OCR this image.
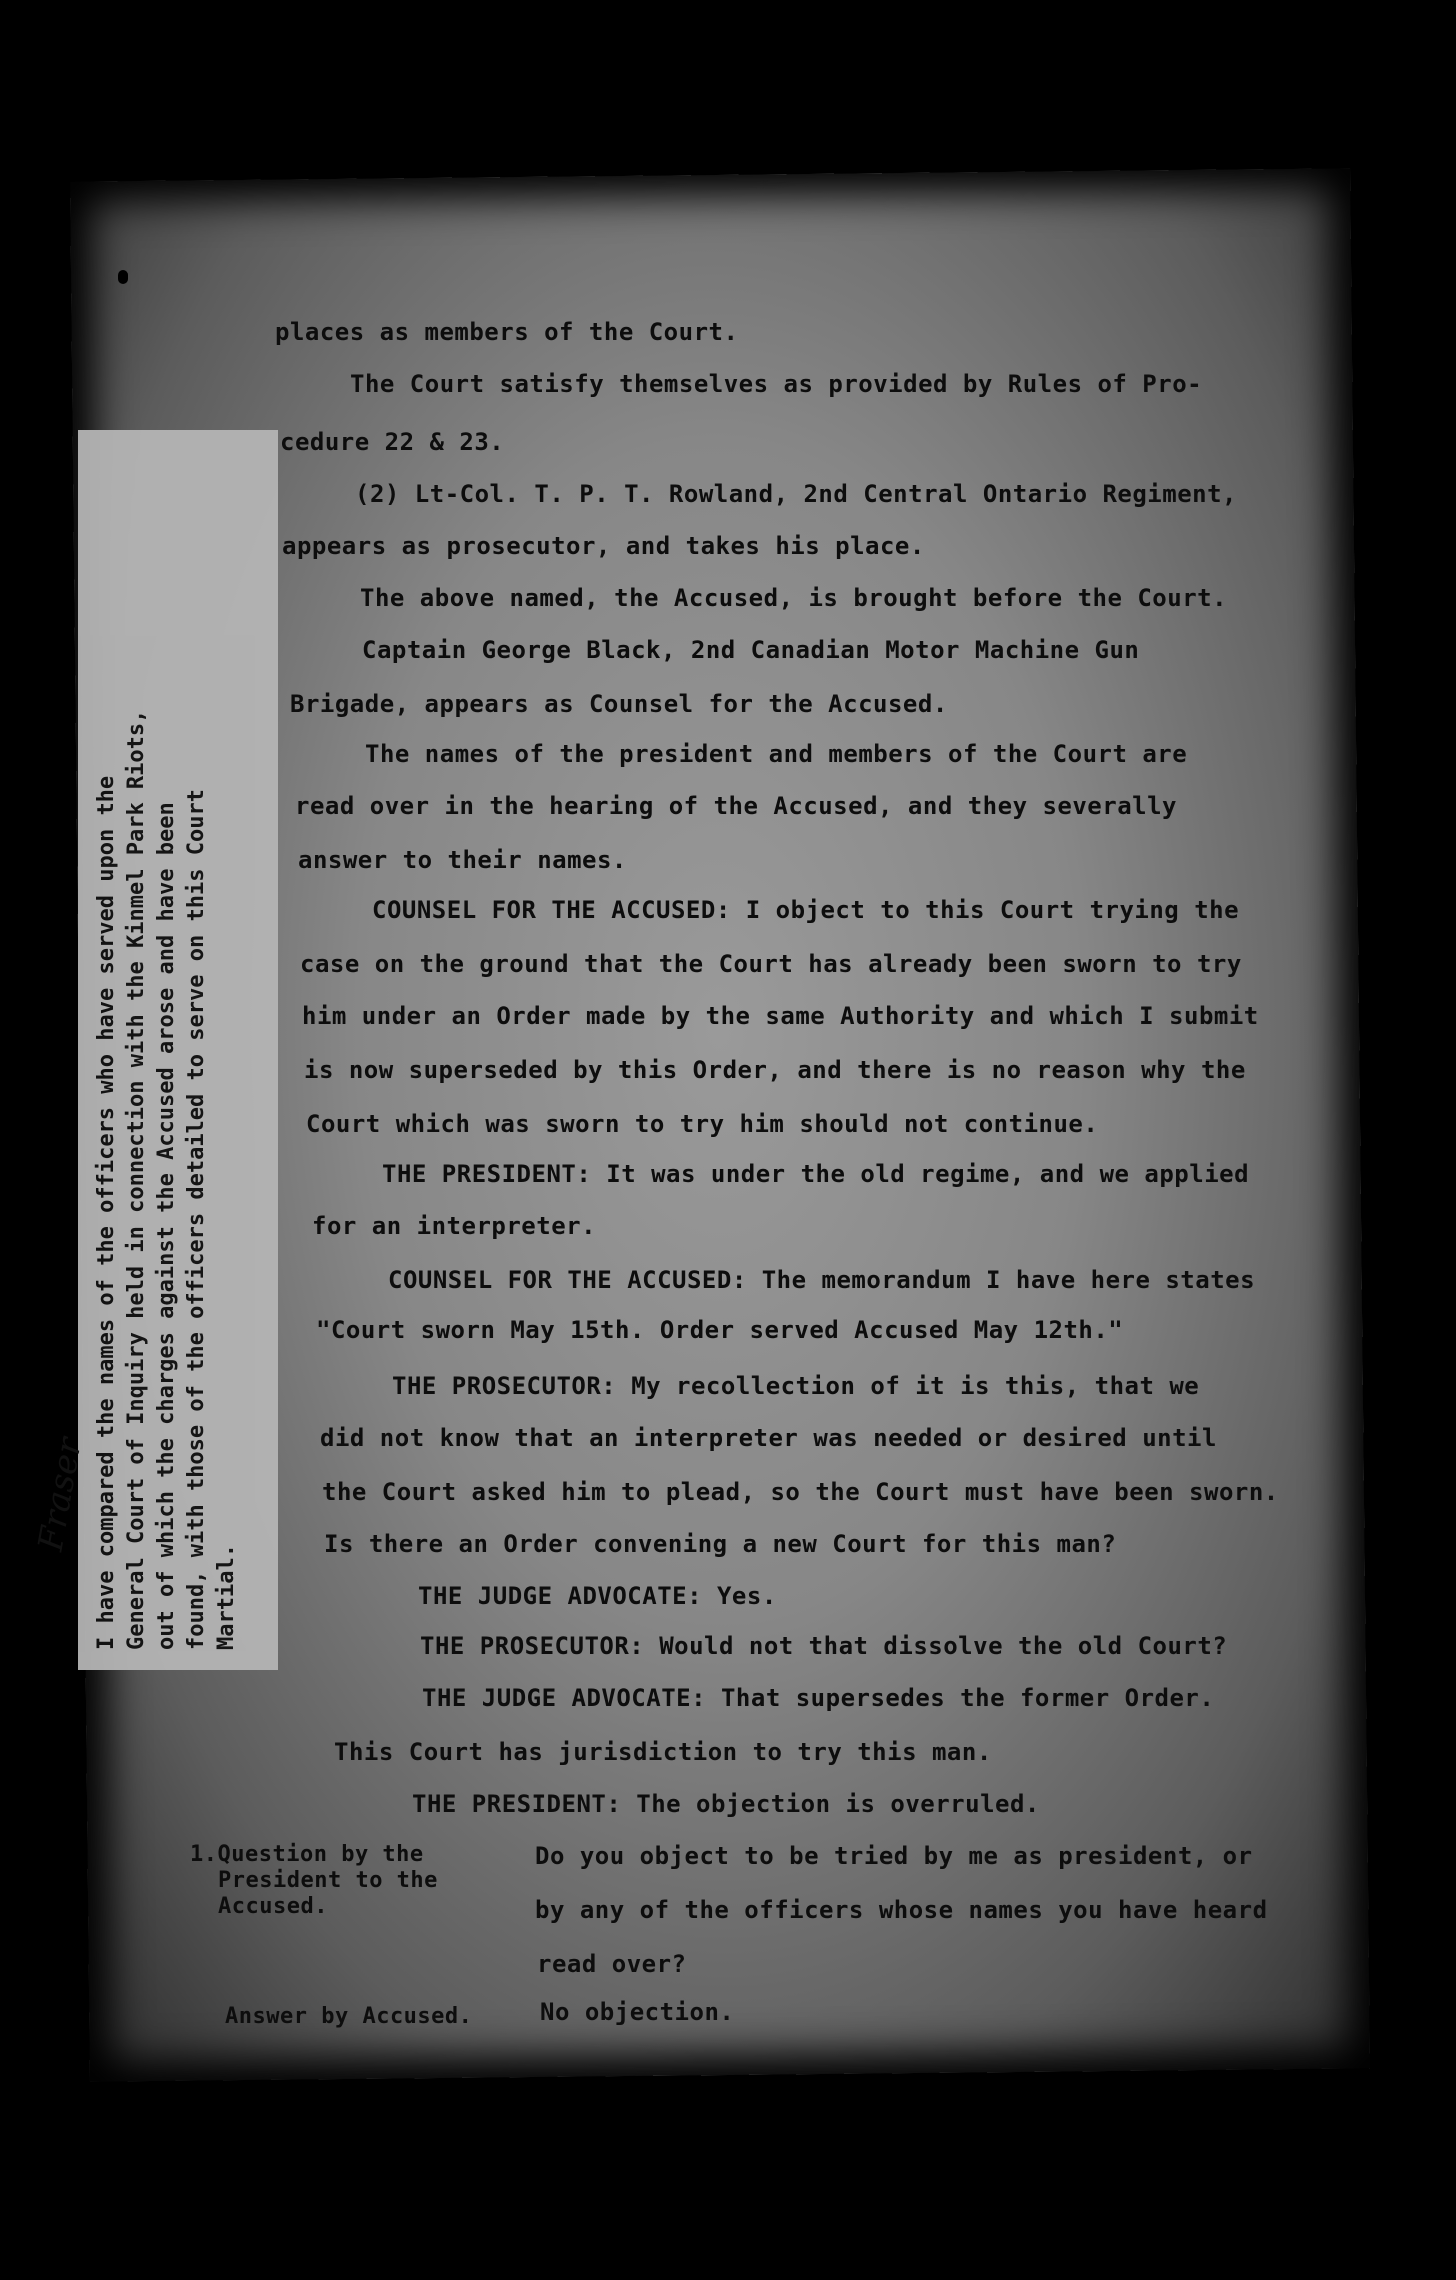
I have compared the names of the officers who have served upon the General Court of Inquiry held in connection with the Kinmel Park Riots, out of which the charges against the Accused arose and have been found, with those of the officers detailed to serve on this Court Martial.
Fraser
places as members of the Court.
The Court satisfy themselves as provided by Rules of Pro-
cedure 22 & 23.
(2) Lt-Col. T. P. T. Rowland, 2nd Central Ontario Regiment,
appears as prosecutor, and takes his place.
The above named, the Accused, is brought before the Court.
Captain George Black, 2nd Canadian Motor Machine Gun
Brigade, appears as Counsel for the Accused.
The names of the president and members of the Court are
read over in the hearing of the Accused, and they severally
answer to their names.
COUNSEL FOR THE ACCUSED: I object to this Court trying the
case on the ground that the Court has already been sworn to try
him under an Order made by the same Authority and which I submit
is now superseded by this Order, and there is no reason why the
Court which was sworn to try him should not continue.
THE PRESIDENT: It was under the old regime, and we applied
for an interpreter.
COUNSEL FOR THE ACCUSED: The memorandum I have here states
"Court sworn May 15th. Order served Accused May 12th."
THE PROSECUTOR: My recollection of it is this, that we
did not know that an interpreter was needed or desired until
the Court asked him to plead, so the Court must have been sworn.
Is there an Order convening a new Court for this man?
THE JUDGE ADVOCATE: Yes.
THE PROSECUTOR: Would not that dissolve the old Court?
THE JUDGE ADVOCATE: That supersedes the former Order.
This Court has jurisdiction to try this man.
THE PRESIDENT: The objection is overruled.
1.Question by the
President to the
Accused.
Do you object to be tried by me as president, or
by any of the officers whose names you have heard
read over?
Answer by Accused.	No objection.
